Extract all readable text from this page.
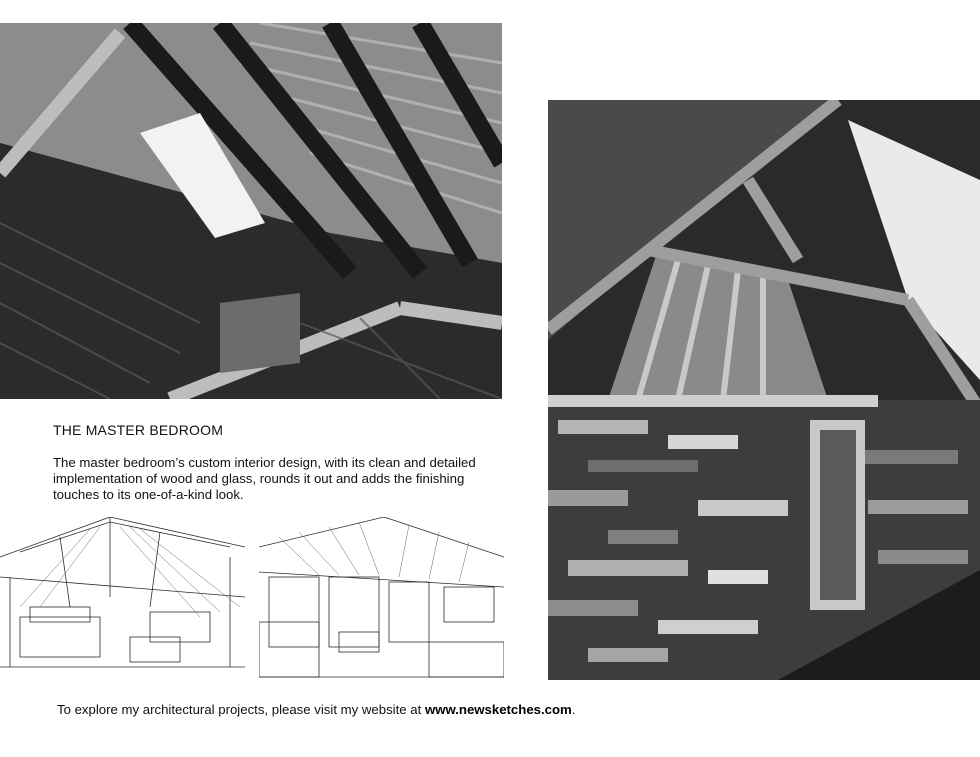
THE MASTER BEDROOM

The master bedroom’s custom interior design, with its clean and detailed implementation of wood and glass, rounds it out and adds the finishing touches to its one-of-a-kind look.

To explore my architectural projects, please visit my website at www.newsketches.com.
